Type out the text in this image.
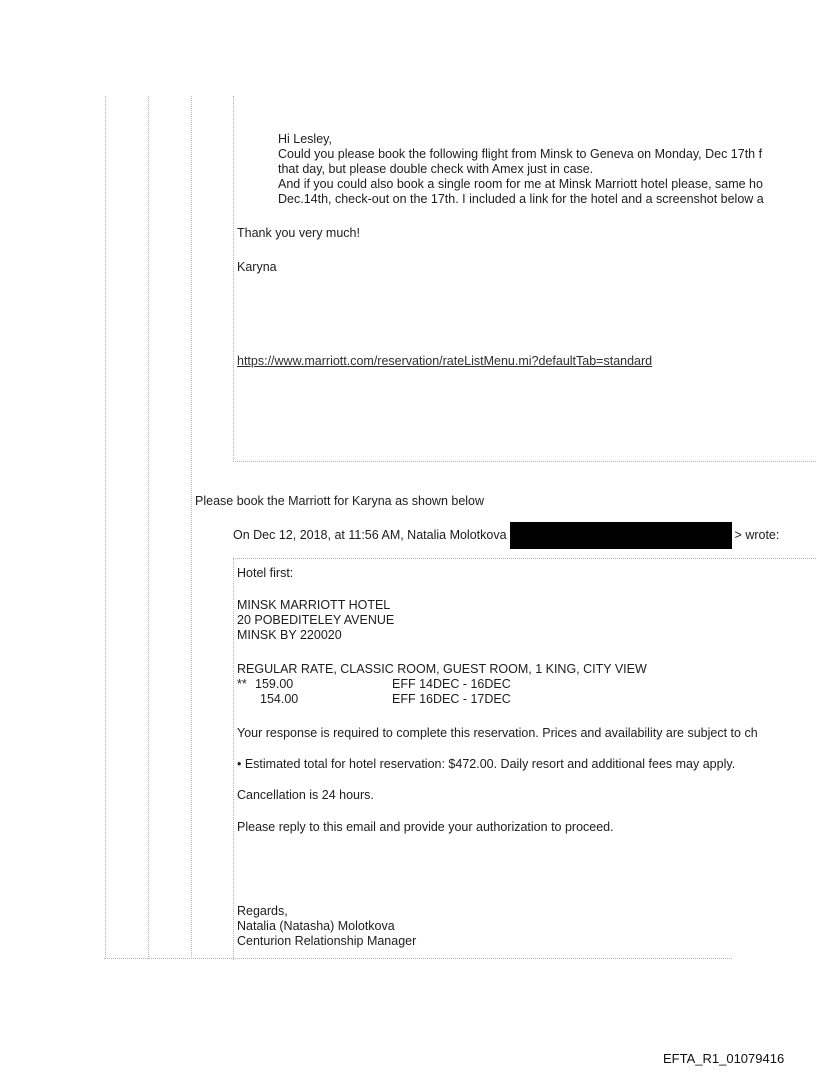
Hi Lesley,
Could you please book the following flight from Minsk to Geneva on Monday, Dec 17th f
that day, but please double check with Amex just in case.
And if you could also book a single room for me at Minsk Marriott hotel please, same ho
Dec.14th, check-out on the 17th. I included a link for the hotel and a screenshot below a
Thank you very much!
Karyna
https://www.marriott.com/reservation/rateListMenu.mi?defaultTab=standard
Please book the Marriott for Karyna as shown below
On Dec 12, 2018, at 11:56 AM, Natalia Molotkova	> wrote:
Hotel first:
MINSK MARRIOTT HOTEL
20 POBEDITELEY AVENUE
MINSK BY 220020
REGULAR RATE, CLASSIC ROOM, GUEST ROOM, 1 KING, CITY VIEW
** 159.00	EFF 14DEC - 16DEC
154.00	EFF 16DEC - 17DEC
Your response is required to complete this reservation. Prices and availability are subject to ch
• Estimated total for hotel reservation: $472.00. Daily resort and additional fees may apply.
Cancellation is 24 hours.
Please reply to this email and provide your authorization to proceed.
Regards,
Natalia (Natasha) Molotkova
Centurion Relationship Manager
EFTA_R1_01079416
